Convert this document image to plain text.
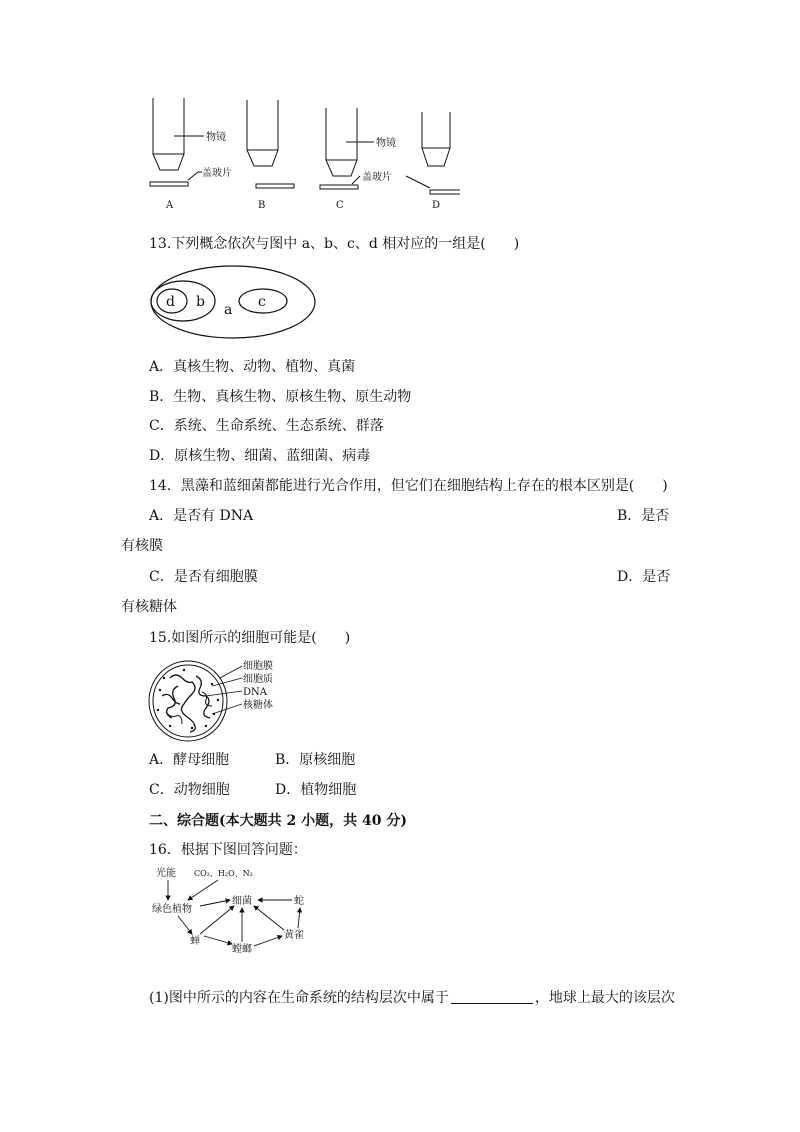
物镜
盖玻片
物镜
盖玻片
A	B	C	D
13.下列概念依次与图中 a、b、c、d 相对应的一组是(　　)
d b	c
a
A．真核生物、动物、植物、真菌
B．生物、真核生物、原核生物、原生动物
C．系统、生命系统、生态系统、群落
D．原核生物、细菌、蓝细菌、病毒
14．黑藻和蓝细菌都能进行光合作用，但它们在细胞结构上存在的根本区别是(　　)
A．是否有 DNA	B．是否
有核膜
C．是否有细胞膜	D．是否
有核糖体
15.如图所示的细胞可能是(　　)
细胞膜
细胞质
DNA
核糖体
A．酵母细胞	B．原核细胞
C．动物细胞	D．植物细胞
二、综合题(本大题共 2 小题，共 40 分)
16．根据下图回答问题：
光能 CO₂、H₂O、N₂
绿色植物
细菌	蛇
蝉
螳螂
黄雀
(1)图中所示的内容在生命系统的结构层次中属于	，地球上最大的该层次
